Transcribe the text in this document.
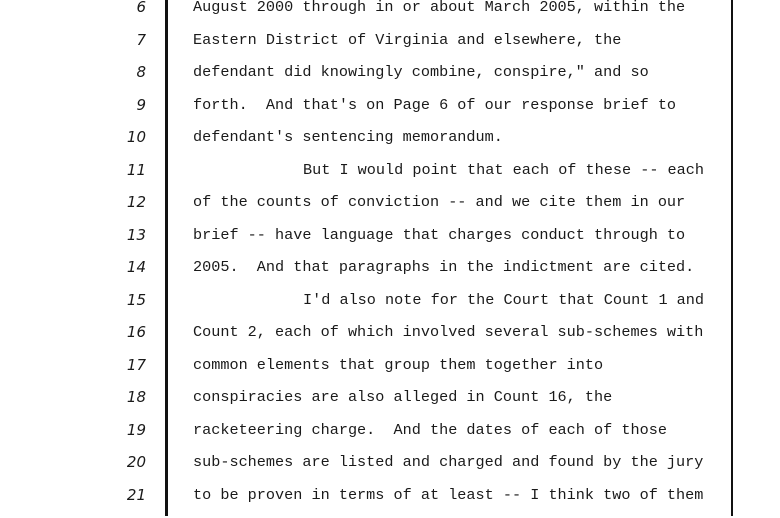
6	August 2000 through in or about March 2005, within the
7	Eastern District of Virginia and elsewhere, the
8	defendant did knowingly combine, conspire," and so
9	forth.  And that's on Page 6 of our response brief to
10	defendant's sentencing memorandum.
11	But I would point that each of these -- each
12	of the counts of conviction -- and we cite them in our
13	brief -- have language that charges conduct through to
14	2005.  And that paragraphs in the indictment are cited.
15	I'd also note for the Court that Count 1 and
16	Count 2, each of which involved several sub-schemes with
17	common elements that group them together into
18	conspiracies are also alleged in Count 16, the
19	racketeering charge.  And the dates of each of those
20	sub-schemes are listed and charged and found by the jury
21	to be proven in terms of at least -- I think two of them
